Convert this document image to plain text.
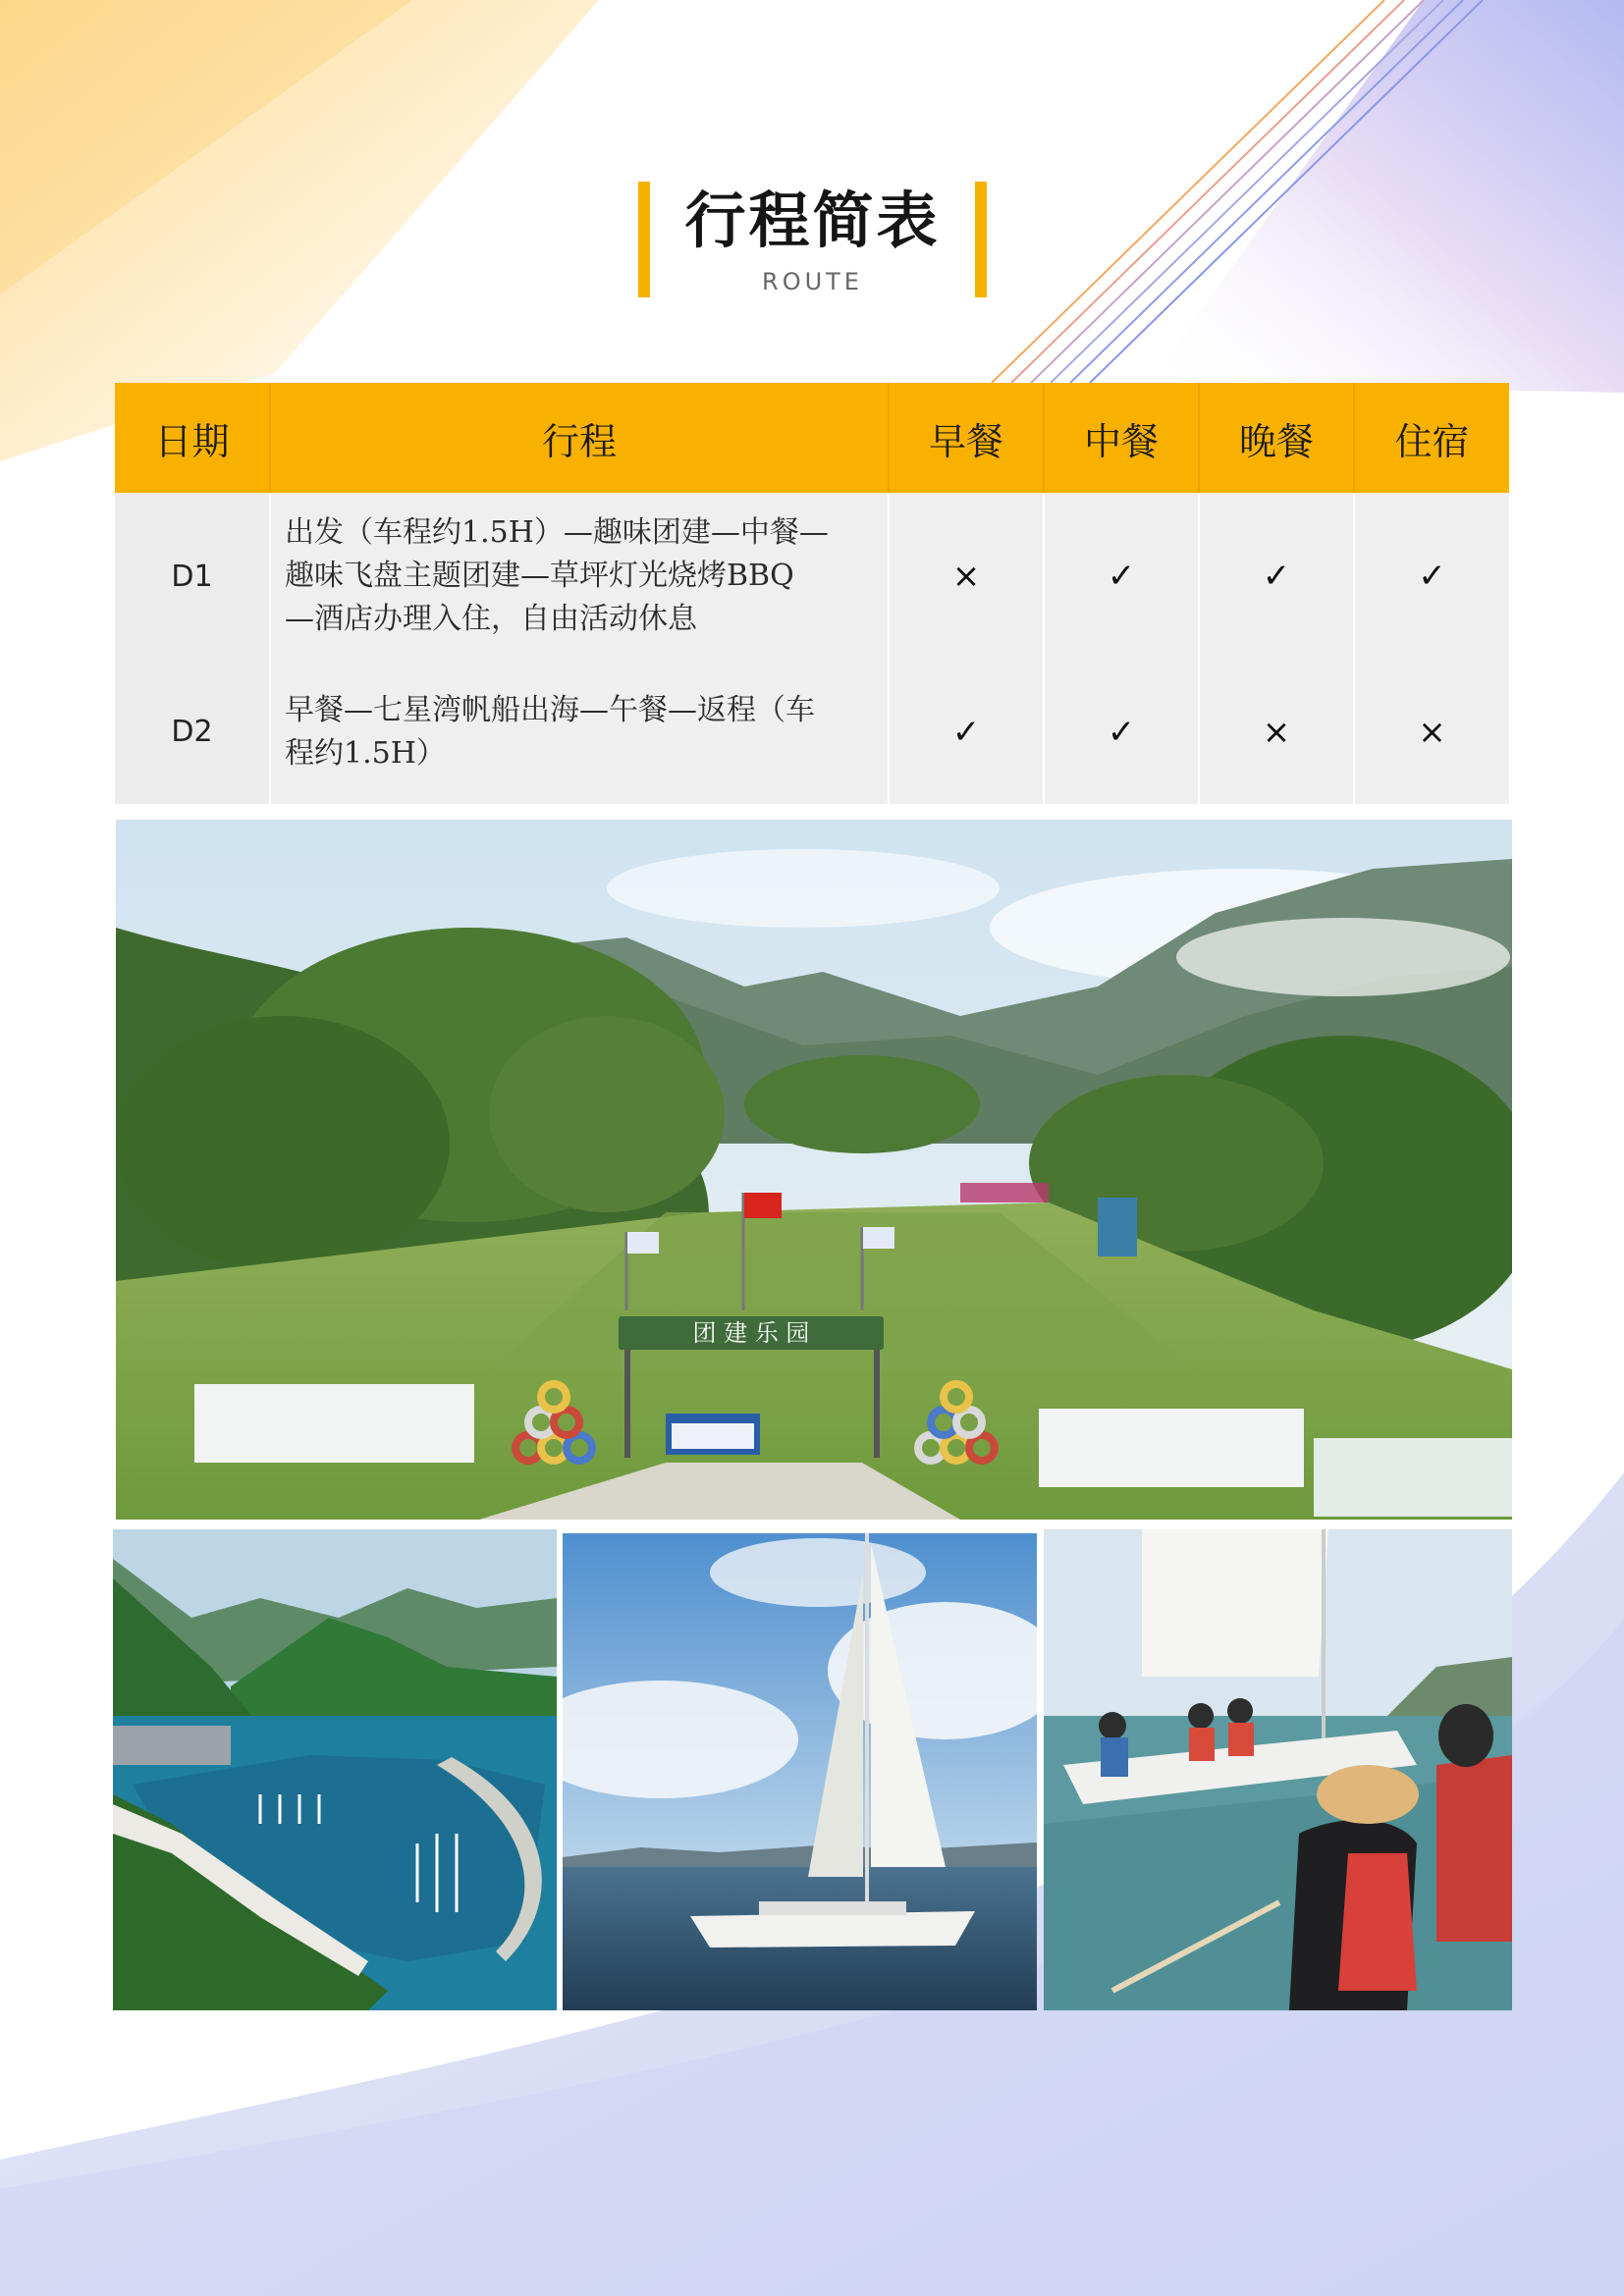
行程简表
ROUTE
日期	行程	早餐	中餐	晚餐	住宿
D1	出发（车程约1.5H）—趣味团建—中餐—
趣味飞盘主题团建—草坪灯光烧烤BBQ
—酒店办理入住，自由活动休息	×	✓	✓	✓
D2	早餐—七星湾帆船出海—午餐—返程（车
程约1.5H）	✓	✓	×	×
团 建 乐 园
